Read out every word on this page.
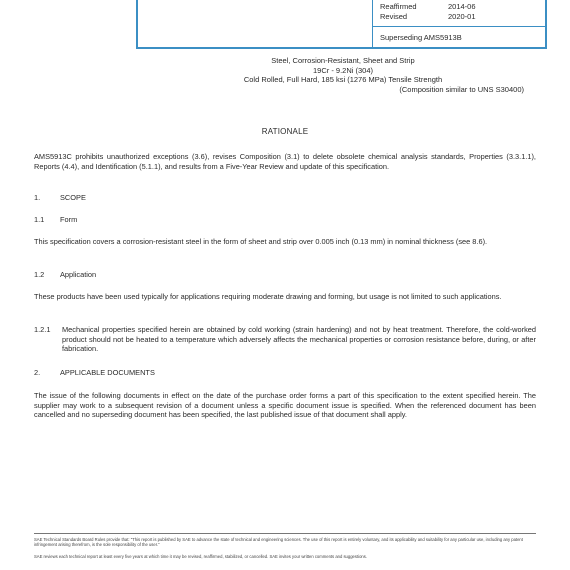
Reaffirmed	2014-06
Revised	2020-01
Superseding AMS5913B
Steel, Corrosion-Resistant, Sheet and Strip
19Cr - 9.2Ni (304)
Cold Rolled, Full Hard, 185 ksi (1276 MPa) Tensile Strength
(Composition similar to UNS S30400)
RATIONALE
AMS5913C prohibits unauthorized exceptions (3.6), revises Composition (3.1) to delete obsolete chemical analysis standards, Properties (3.3.1.1), Reports (4.4), and Identification (5.1.1), and results from a Five-Year Review and update of this specification.
1.	SCOPE
1.1 Form
This specification covers a corrosion-resistant steel in the form of sheet and strip over 0.005 inch (0.13 mm) in nominal thickness (see 8.6).
1.2 Application
These products have been used typically for applications requiring moderate drawing and forming, but usage is not limited to such applications.
1.2.1 Mechanical properties specified herein are obtained by cold working (strain hardening) and not by heat treatment. Therefore, the cold-worked product should not be heated to a temperature which adversely affects the mechanical properties or corrosion resistance before, during, or after fabrication.
2.	APPLICABLE DOCUMENTS
The issue of the following documents in effect on the date of the purchase order forms a part of this specification to the extent specified herein. The supplier may work to a subsequent revision of a document unless a specific document issue is specified. When the referenced document has been cancelled and no superseding document has been specified, the last published issue of that document shall apply.
SAE Technical Standards Board Rules provide that: "This report is published by SAE to advance the state of technical and engineering sciences. The use of this report is entirely voluntary, and its applicability and suitability for any particular use, including any patent infringement arising therefrom, is the sole responsibility of the user."
SAE reviews each technical report at least every five years at which time it may be revised, reaffirmed, stabilized, or cancelled. SAE invites your written comments and suggestions.
